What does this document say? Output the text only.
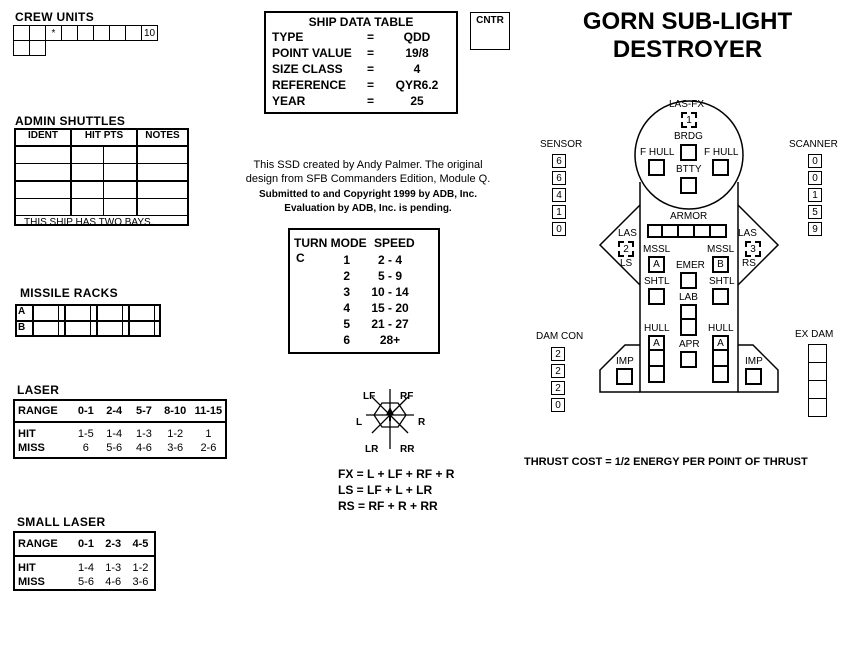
GORN SUB-LIGHT
DESTROYER
CNTR
CREW UNITS
*	10
SHIP DATA TABLE
TYPE	=	QDD
POINT VALUE	=	19/8
SIZE CLASS	=	4
REFERENCE	=	QYR6.2
YEAR	=	25
ADMIN SHUTTLES
IDENT	HIT PTS	NOTES
THIS SHIP HAS TWO BAYS.
This SSD created by Andy Palmer. The original
design from SFB Commanders Edition, Module Q.
Submitted to and Copyright 1999 by ADB, Inc.
Evaluation by ADB, Inc. is pending.
TURN MODE SPEED
C	1	2 - 4
2	5 - 9
3	10 - 14
4	15 - 20
5	21 - 27
6	28+
MISSILE RACKS
A
B
LASER
RANGE	0-1	2-4	5-7	8-10 11-15
HIT	1-5	1-4	1-3	1-2	1
MISS	6	5-6	4-6	3-6	2-6
SMALL LASER
RANGE	0-1	2-3	4-5
HIT	1-4	1-3	1-2
MISS	5-6	4-6	3-6
LF RF
L	R
LR RR
FX = L + LF + RF + R
LS = LF + L + LR
RS = RF + R + RR
THRUST COST = 1/2 ENERGY PER POINT OF THRUST
SENSOR
6
6
4
1
0
SCANNER
0
0
1
5
9
DAM CON
2
2
2
0
EX DAM
LAS-FX
1
BRDG
F HULL	F HULL
BTTY
ARMOR
LAS
2
LS
LAS
3
RS
MSSL
A
MSSL
B
EMER
SHTL	SHTL
LAB
HULL
A
HULL
A
APR
IMP	IMP
